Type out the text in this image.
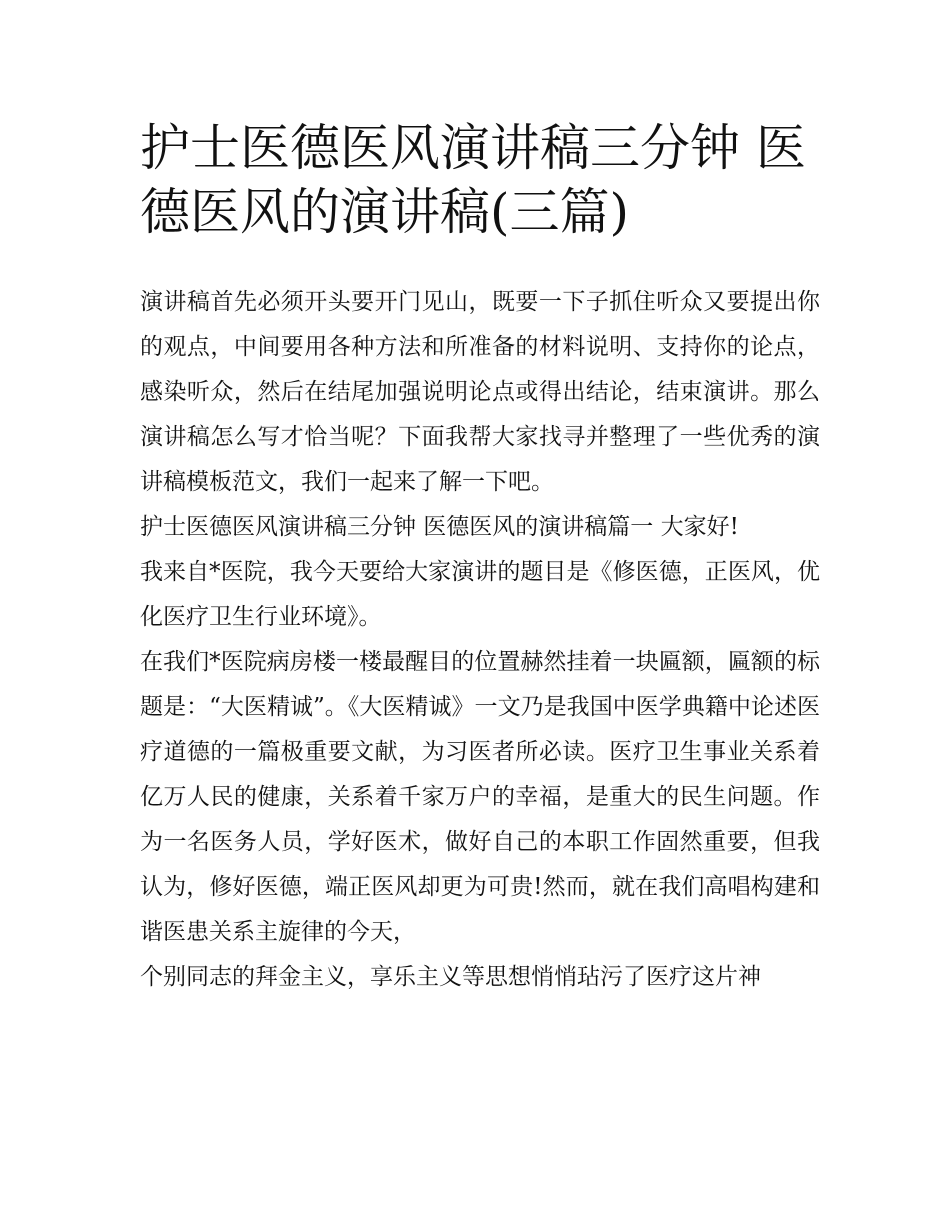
护士医德医风演讲稿三分钟 医德医风的演讲稿(三篇)

演讲稿首先必须开头要开门见山，既要一下子抓住听众又要提出你的观点，中间要用各种方法和所准备的材料说明、支持你的论点，感染听众，然后在结尾加强说明论点或得出结论，结束演讲。那么演讲稿怎么写才恰当呢？下面我帮大家找寻并整理了一些优秀的演讲稿模板范文，我们一起来了解一下吧。

护士医德医风演讲稿三分钟 医德医风的演讲稿篇一 大家好!

我来自*医院，我今天要给大家演讲的题目是《修医德，正医风，优化医疗卫生行业环境》。

在我们*医院病房楼一楼最醒目的位置赫然挂着一块匾额，匾额的标题是：“大医精诚”。《大医精诚》一文乃是我国中医学典籍中论述医疗道德的一篇极重要文献，为习医者所必读。医疗卫生事业关系着亿万人民的健康，关系着千家万户的幸福，是重大的民生问题。作为一名医务人员，学好医术，做好自己的本职工作固然重要，但我认为，修好医德，端正医风却更为可贵!然而，就在我们高唱构建和谐医患关系主旋律的今天，

个别同志的拜金主义，享乐主义等思想悄悄玷污了医疗这片神
